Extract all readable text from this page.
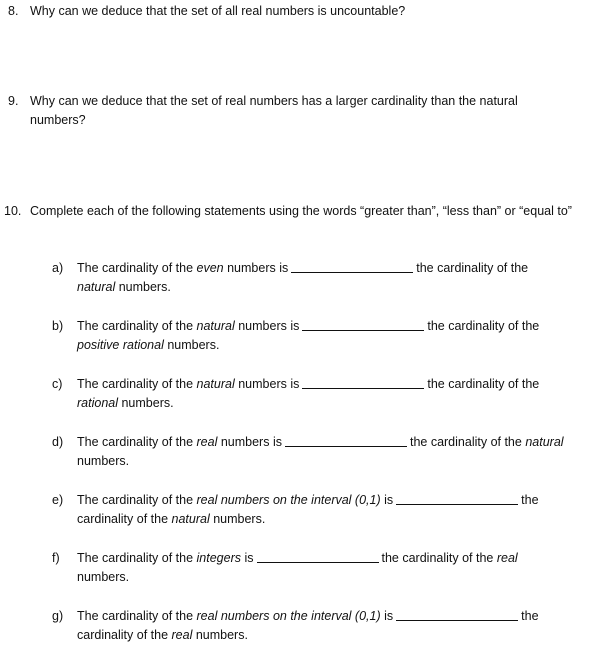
8. Why can we deduce that the set of all real numbers is uncountable?
9. Why can we deduce that the set of real numbers has a larger cardinality than the natural numbers?
10. Complete each of the following statements using the words “greater than”, “less than” or “equal to”
a) The cardinality of the even numbers is	the cardinality of the
natural numbers.
b) The cardinality of the natural numbers is	the cardinality of the
positive rational numbers.
c) The cardinality of the natural numbers is	the cardinality of the
rational numbers.
d) The cardinality of the real numbers is	the cardinality of the natural
numbers.
e) The cardinality of the real numbers on the interval (0,1) is	the
cardinality of the natural numbers.
f) The cardinality of the integers is	the cardinality of the real
numbers.
g) The cardinality of the real numbers on the interval (0,1) is	the
cardinality of the real numbers.
